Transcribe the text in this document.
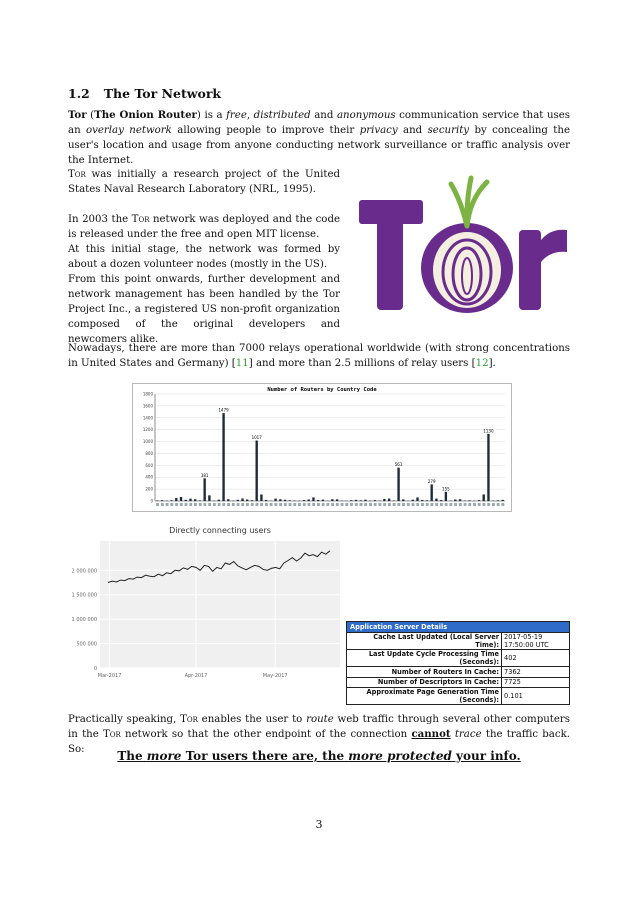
1.2 The Tor Network
Tor (The Onion Router) is a free, distributed and anonymous communication service that uses an overlay network allowing people to improve their privacy and security by concealing the user's location and usage from anyone conducting network surveillance or traffic analysis over the Internet.
Tor was initially a research project of the United States Naval Research Laboratory (NRL, 1995).
In 2003 the Tor network was deployed and the code is released under the free and open MIT license.
At this initial stage, the network was formed by about a dozen volunteer nodes (mostly in the US).
From this point onwards, further development and network management has been handled by the Tor Project Inc., a registered US non-profit organization composed of the original developers and newcomers alike.
Nowadays, there are more than 7000 relays operational worldwide (with strong concentrations in United States and Germany) [11] and more than 2.5 millions of relay users [12].
Number of Routers by Country Code
1800
1600
1400
1200
1000
800
600
400
200
0
1479
1017
381
561
279
155
1130
Directly connecting users
2 000 000
1 500 000
1 000 000
500 000
0
Mar-2017	Apr-2017	May-2017
Application Server Details	
Cache Last Updated (Local Server Time):	2017-05-19 17:50:00 UTC
Last Update Cycle Processing Time (Seconds):	402
Number of Routers In Cache:	7362
Number of Descriptors In Cache:	7725
Approximate Page Generation Time (Seconds):	0.101
Practically speaking, Tor enables the user to route web traffic through several other computers in the Tor network so that the other endpoint of the connection cannot trace the traffic back. So:	The more Tor users there are, the more protected your info.
3
